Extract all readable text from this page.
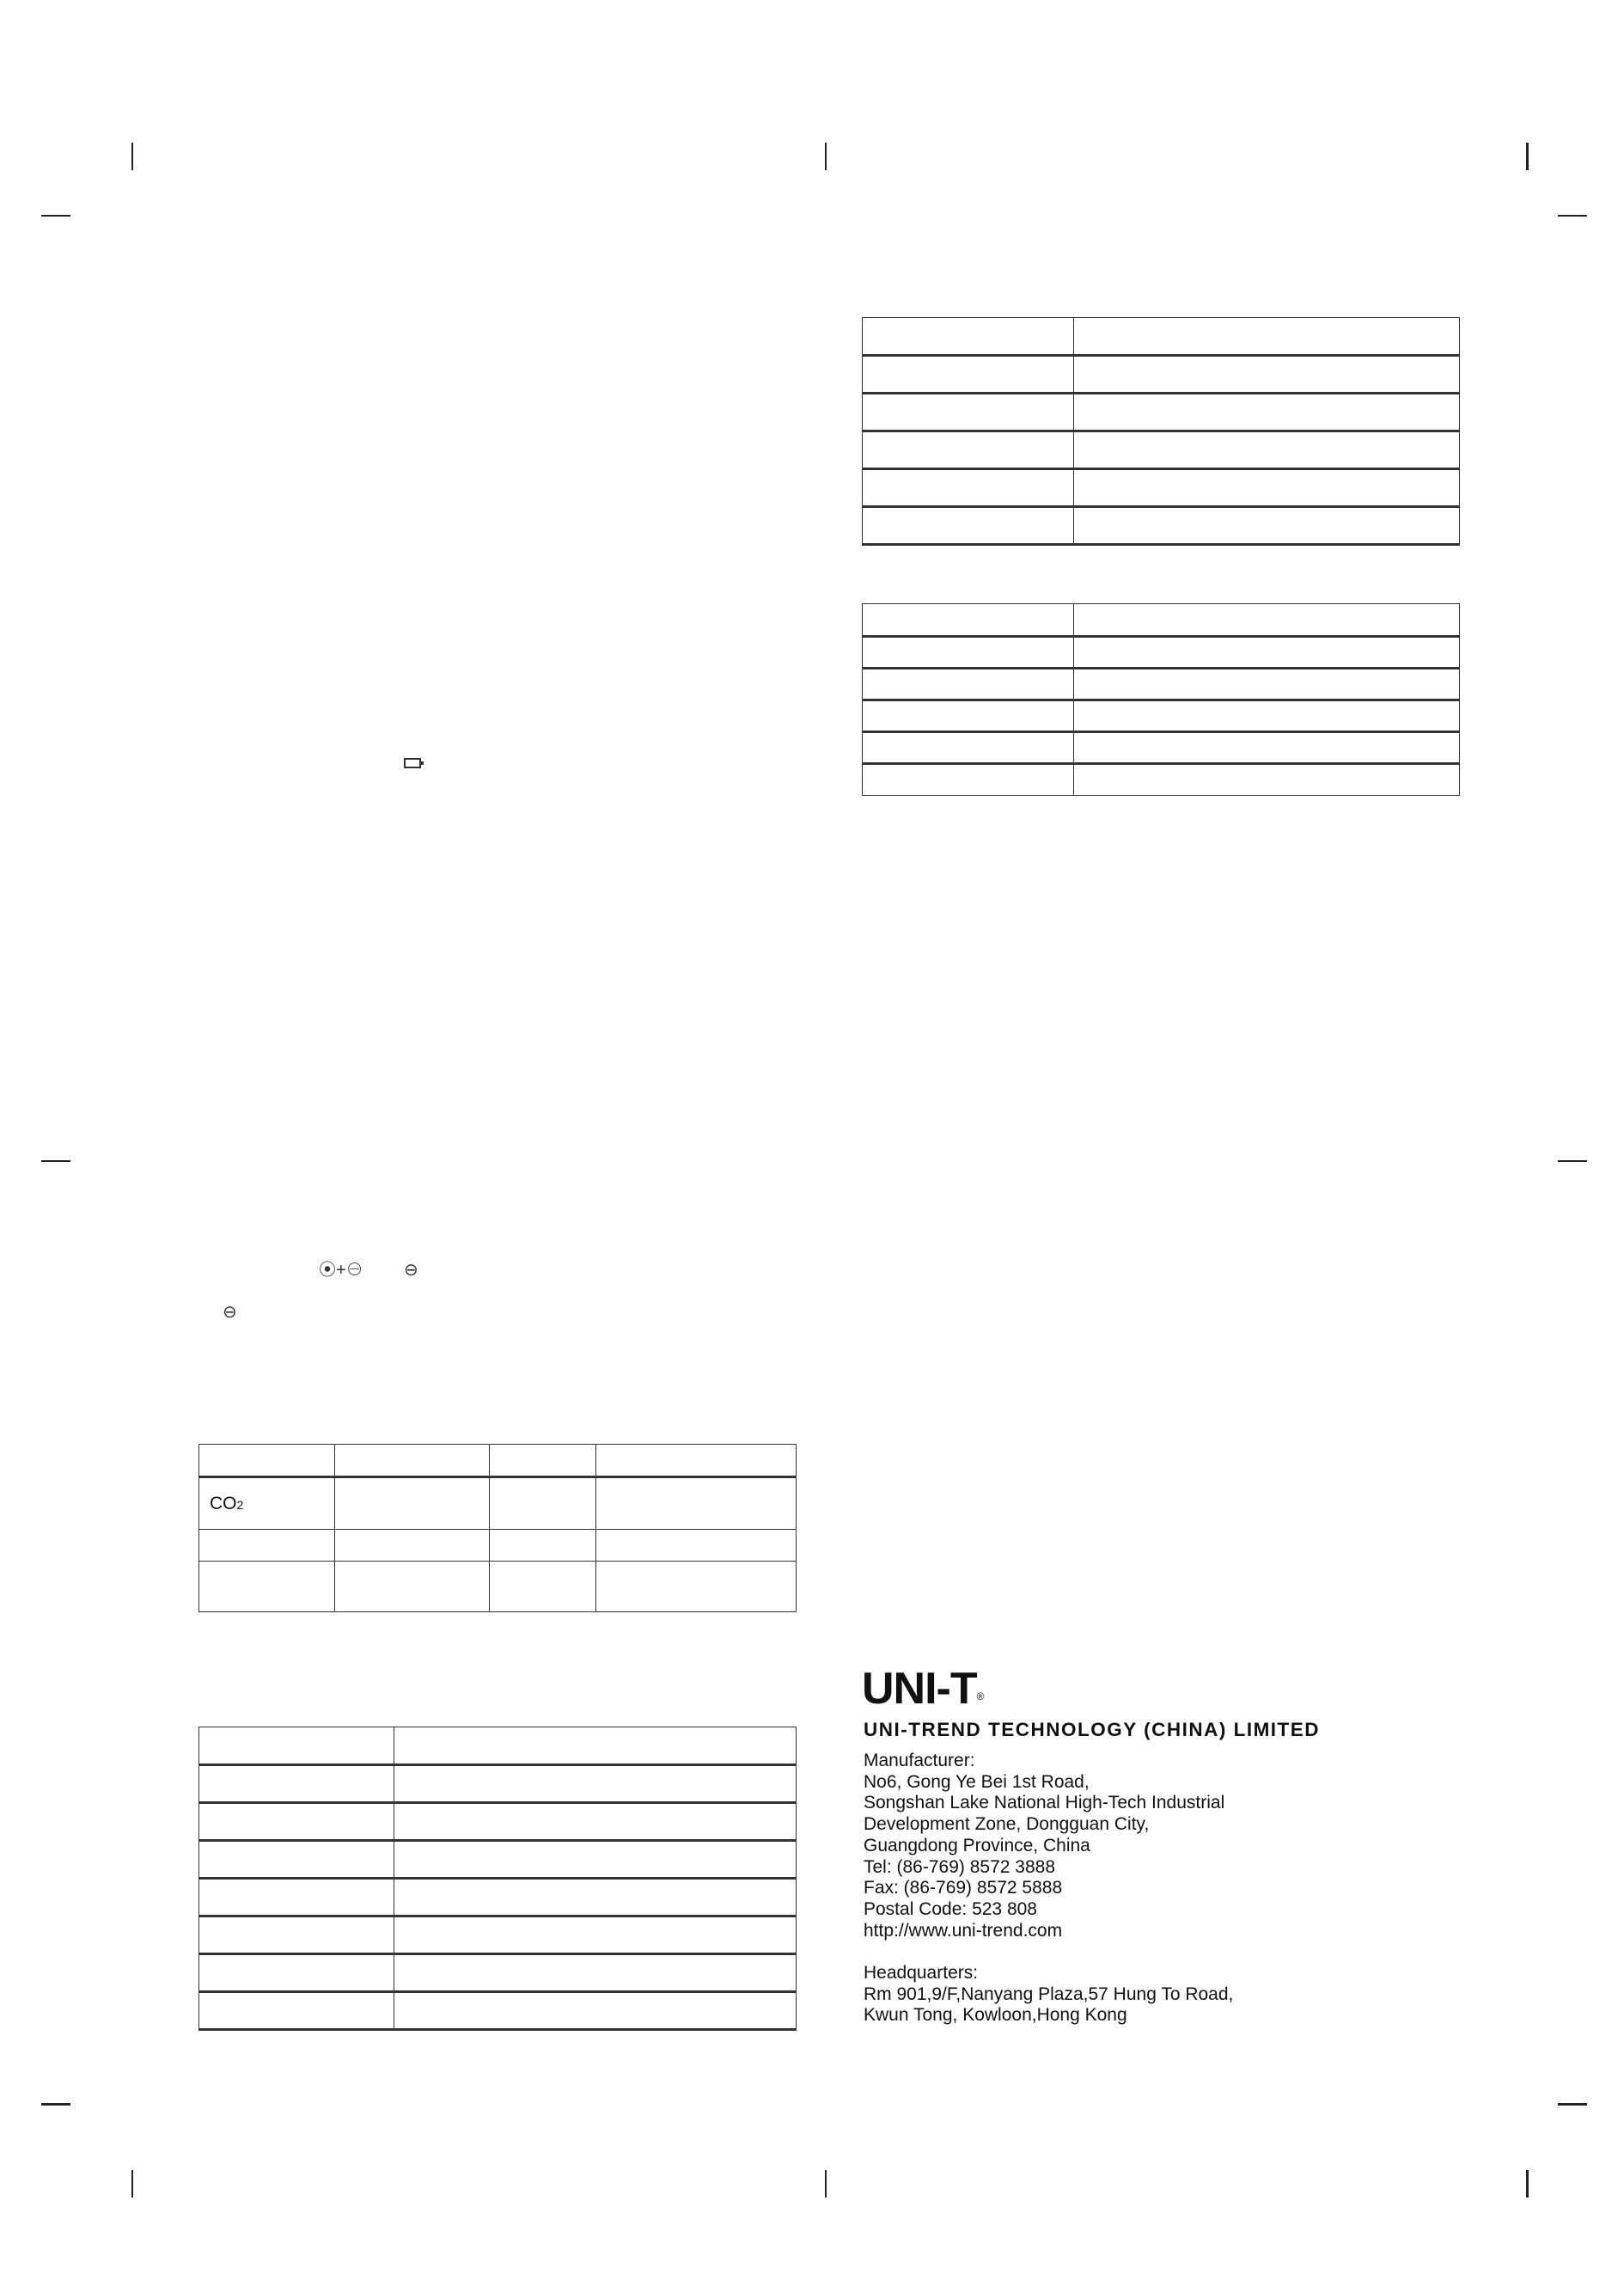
⦿+⊖ ⊖
⊖

CO2			

UNI-T®
UNI-TREND TECHNOLOGY (CHINA) LIMITED
Manufacturer:
No6, Gong Ye Bei 1st Road,
Songshan Lake National High-Tech Industrial
Development Zone, Dongguan City,
Guangdong Province, China
Tel: (86-769) 8572 3888
Fax: (86-769) 8572 5888
Postal Code: 523 808
http://www.uni-trend.com
Headquarters:
Rm 901,9/F,Nanyang Plaza,57 Hung To Road,
Kwun Tong, Kowloon,Hong Kong
